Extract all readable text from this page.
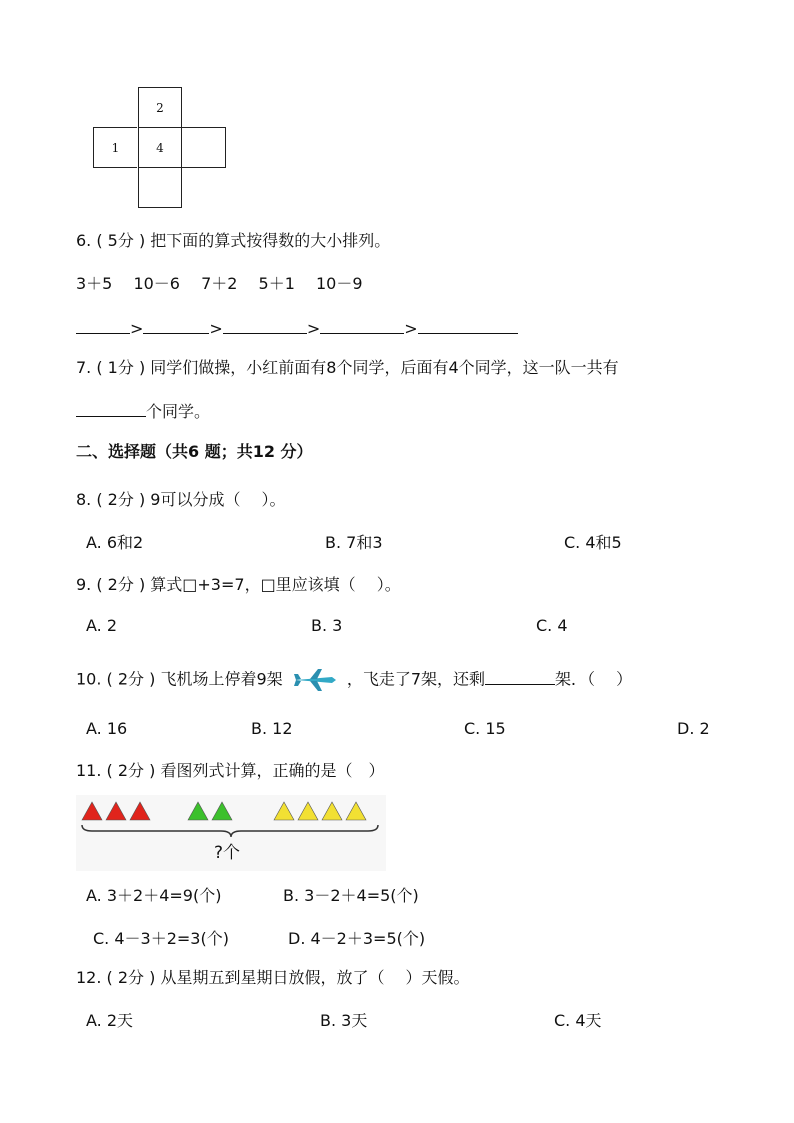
2
1	4
6. ( 5分 ) 把下面的算式按得数的大小排列。
3＋5　 10－6　 7＋2　 5＋1　 10－9
>	>	>	>
7. ( 1分 ) 同学们做操，小红前面有8个同学，后面有4个同学，这一队一共有
个同学。
二、选择题（共6 题；共12 分）
8. ( 2分 ) 9可以分成（　 ）。
A. 6和2	B. 7和3	C. 4和5
9. ( 2分 ) 算式□+3=7，□里应该填（　 ）。
A. 2	B. 3	C. 4
10. ( 2分 ) 飞机场上停着9架	，飞走了7架，还剩	架．（　 ）
A. 16	B. 12	C. 15	D. 2
11. ( 2分 ) 看图列式计算，正确的是（　）
?个
A. 3＋2＋4=9(个)	B. 3－2＋4=5(个)
C. 4－3＋2=3(个)	D. 4－2＋3=5(个)
12. ( 2分 ) 从星期五到星期日放假，放了（　 ）天假。
A. 2天	B. 3天	C. 4天
